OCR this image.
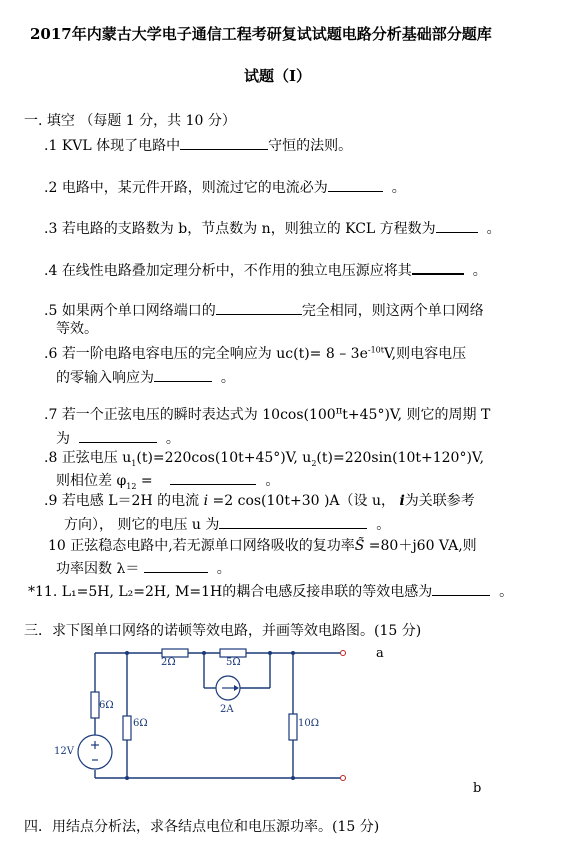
2017年内蒙古大学电子通信工程考研复试试题电路分析基础部分题库
试题（Ⅰ）
一. 填空 （每题 1 分，共 10 分）
.1 KVL 体现了电路中	守恒的法则。
.2 电路中，某元件开路，则流过它的电流必为	。
.3 若电路的支路数为 b，节点数为 n，则独立的 KCL 方程数为	。
.4 在线性电路叠加定理分析中，不作用的独立电压源应将其	。
.5 如果两个单口网络端口的	完全相同，则这两个单口网络
等效。
.6 若一阶电路电容电压的完全响应为 $uc(t)= 8 - 3e^{-10t}V$,则电容电压
的零输入响应为	。
.7 若一个正弦电压的瞬时表达式为 $10\cos(100^\pi t+45^\circ)V$, 则它的周期 T
为	。
.8 正弦电压 $u_1(t)=220\cos(10t+45^\circ)V$, $u_2(t)=220\sin(10t+120^\circ)V$,
则相位差 $\varphi_{12}$ =	。
.9 若电感 L＝2H 的电流 i =2 cos(10t+30 )A（设 u， i为关联参考
方向）， 则它的电压 u 为	。
10 正弦稳态电路中,若无源单口网络吸收的复功率S̃ =80＋j60 VA,则
功率因数 λ＝	。
*11. L₁=5H, L₂=2H, M=1H的耦合电感反接串联的等效电感为	。
三．求下图单口网络的诺顿等效电路，并画等效电路图。(15 分)
2Ω	5Ω
6Ω
6Ω	10Ω
2A
12V
a
b
四．用结点分析法，求各结点电位和电压源功率。(15 分)
